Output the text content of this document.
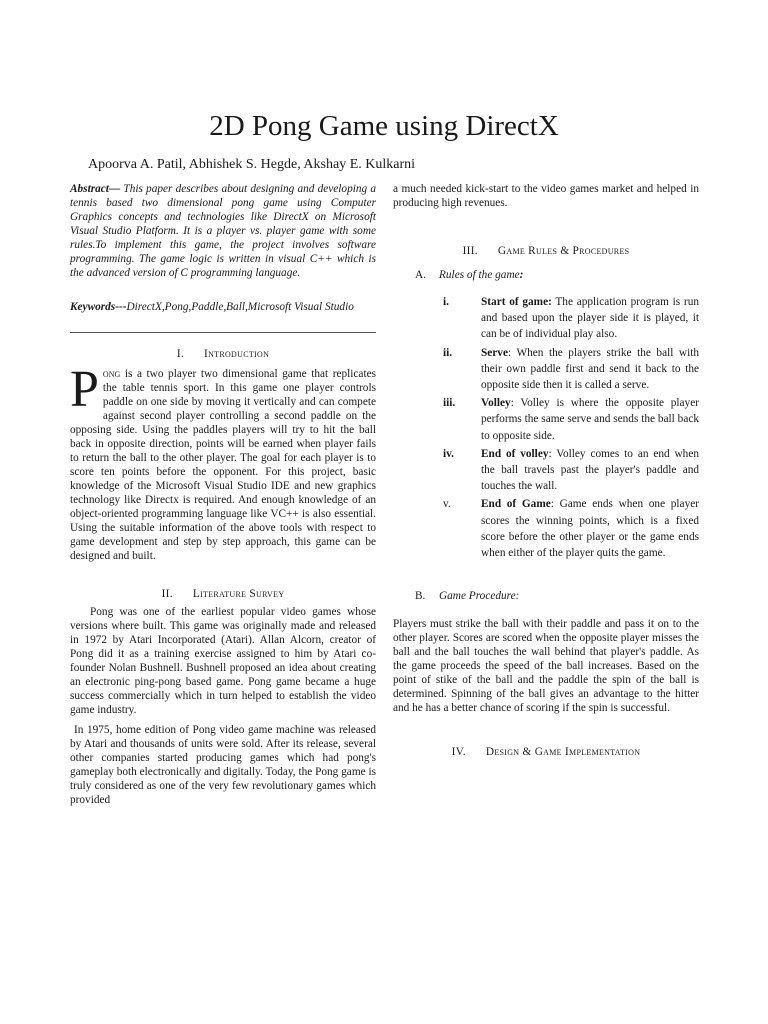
2D Pong Game using DirectX
Apoorva A. Patil, Abhishek S. Hegde, Akshay E. Kulkarni

Abstract— This paper describes about designing and developing a tennis based two dimensional pong game using Computer Graphics concepts and technologies like DirectX on Microsoft Visual Studio Platform. It is a player vs. player game with some rules.To implement this game, the project involves software programming. The game logic is written in visual C++ which is the advanced version of C programming language.

Keywords---DirectX,Pong,Paddle,Ball,Microsoft Visual Studio

I. Introduction

Pong is a two player two dimensional game that replicates the table tennis sport. In this game one player controls paddle on one side by moving it vertically and can compete against second player controlling a second paddle on the opposing side. Using the paddles players will try to hit the ball back in opposite direction, points will be earned when player fails to return the ball to the other player. The goal for each player is to score ten points before the opponent. For this project, basic knowledge of the Microsoft Visual Studio IDE and new graphics technology like Directx is required. And enough knowledge of an object-oriented programming language like VC++ is also essential. Using the suitable information of the above tools with respect to game development and step by step approach, this game can be designed and built.

II. Literature Survey

Pong was one of the earliest popular video games whose versions where built. This game was originally made and released in 1972 by Atari Incorporated (Atari). Allan Alcorn, creator of Pong did it as a training exercise assigned to him by Atari co-founder Nolan Bushnell. Bushnell proposed an idea about creating an electronic ping-pong based game. Pong game became a huge success commercially which in turn helped to establish the video game industry.

In 1975, home edition of Pong video game machine was released by Atari and thousands of units were sold. After its release, several other companies started producing games which had pong's gameplay both electronically and digitally. Today, the Pong game is truly considered as one of the very few revolutionary games which provided

a much needed kick-start to the video games market and helped in producing high revenues.

III. Game Rules & Procedures

A. Rules of the game:

i.	Start of game: The application program is run and based upon the player side it is played, it can be of individual play also.
ii.	Serve: When the players strike the ball with their own paddle first and send it back to the opposite side then it is called a serve.
iii.	Volley: Volley is where the opposite player performs the same serve and sends the ball back to opposite side.
iv.	End of volley: Volley comes to an end when the ball travels past the player's paddle and touches the wall.
v.	End of Game: Game ends when one player scores the winning points, which is a fixed score before the other player or the game ends when either of the player quits the game.

B. Game Procedure:

Players must strike the ball with their paddle and pass it on to the other player. Scores are scored when the opposite player misses the ball and the ball touches the wall behind that player's paddle. As the game proceeds the speed of the ball increases. Based on the point of stike of the ball and the paddle the spin of the ball is determined. Spinning of the ball gives an advantage to the hitter and he has a better chance of scoring if the spin is successful.

IV. Design & Game Implementation
